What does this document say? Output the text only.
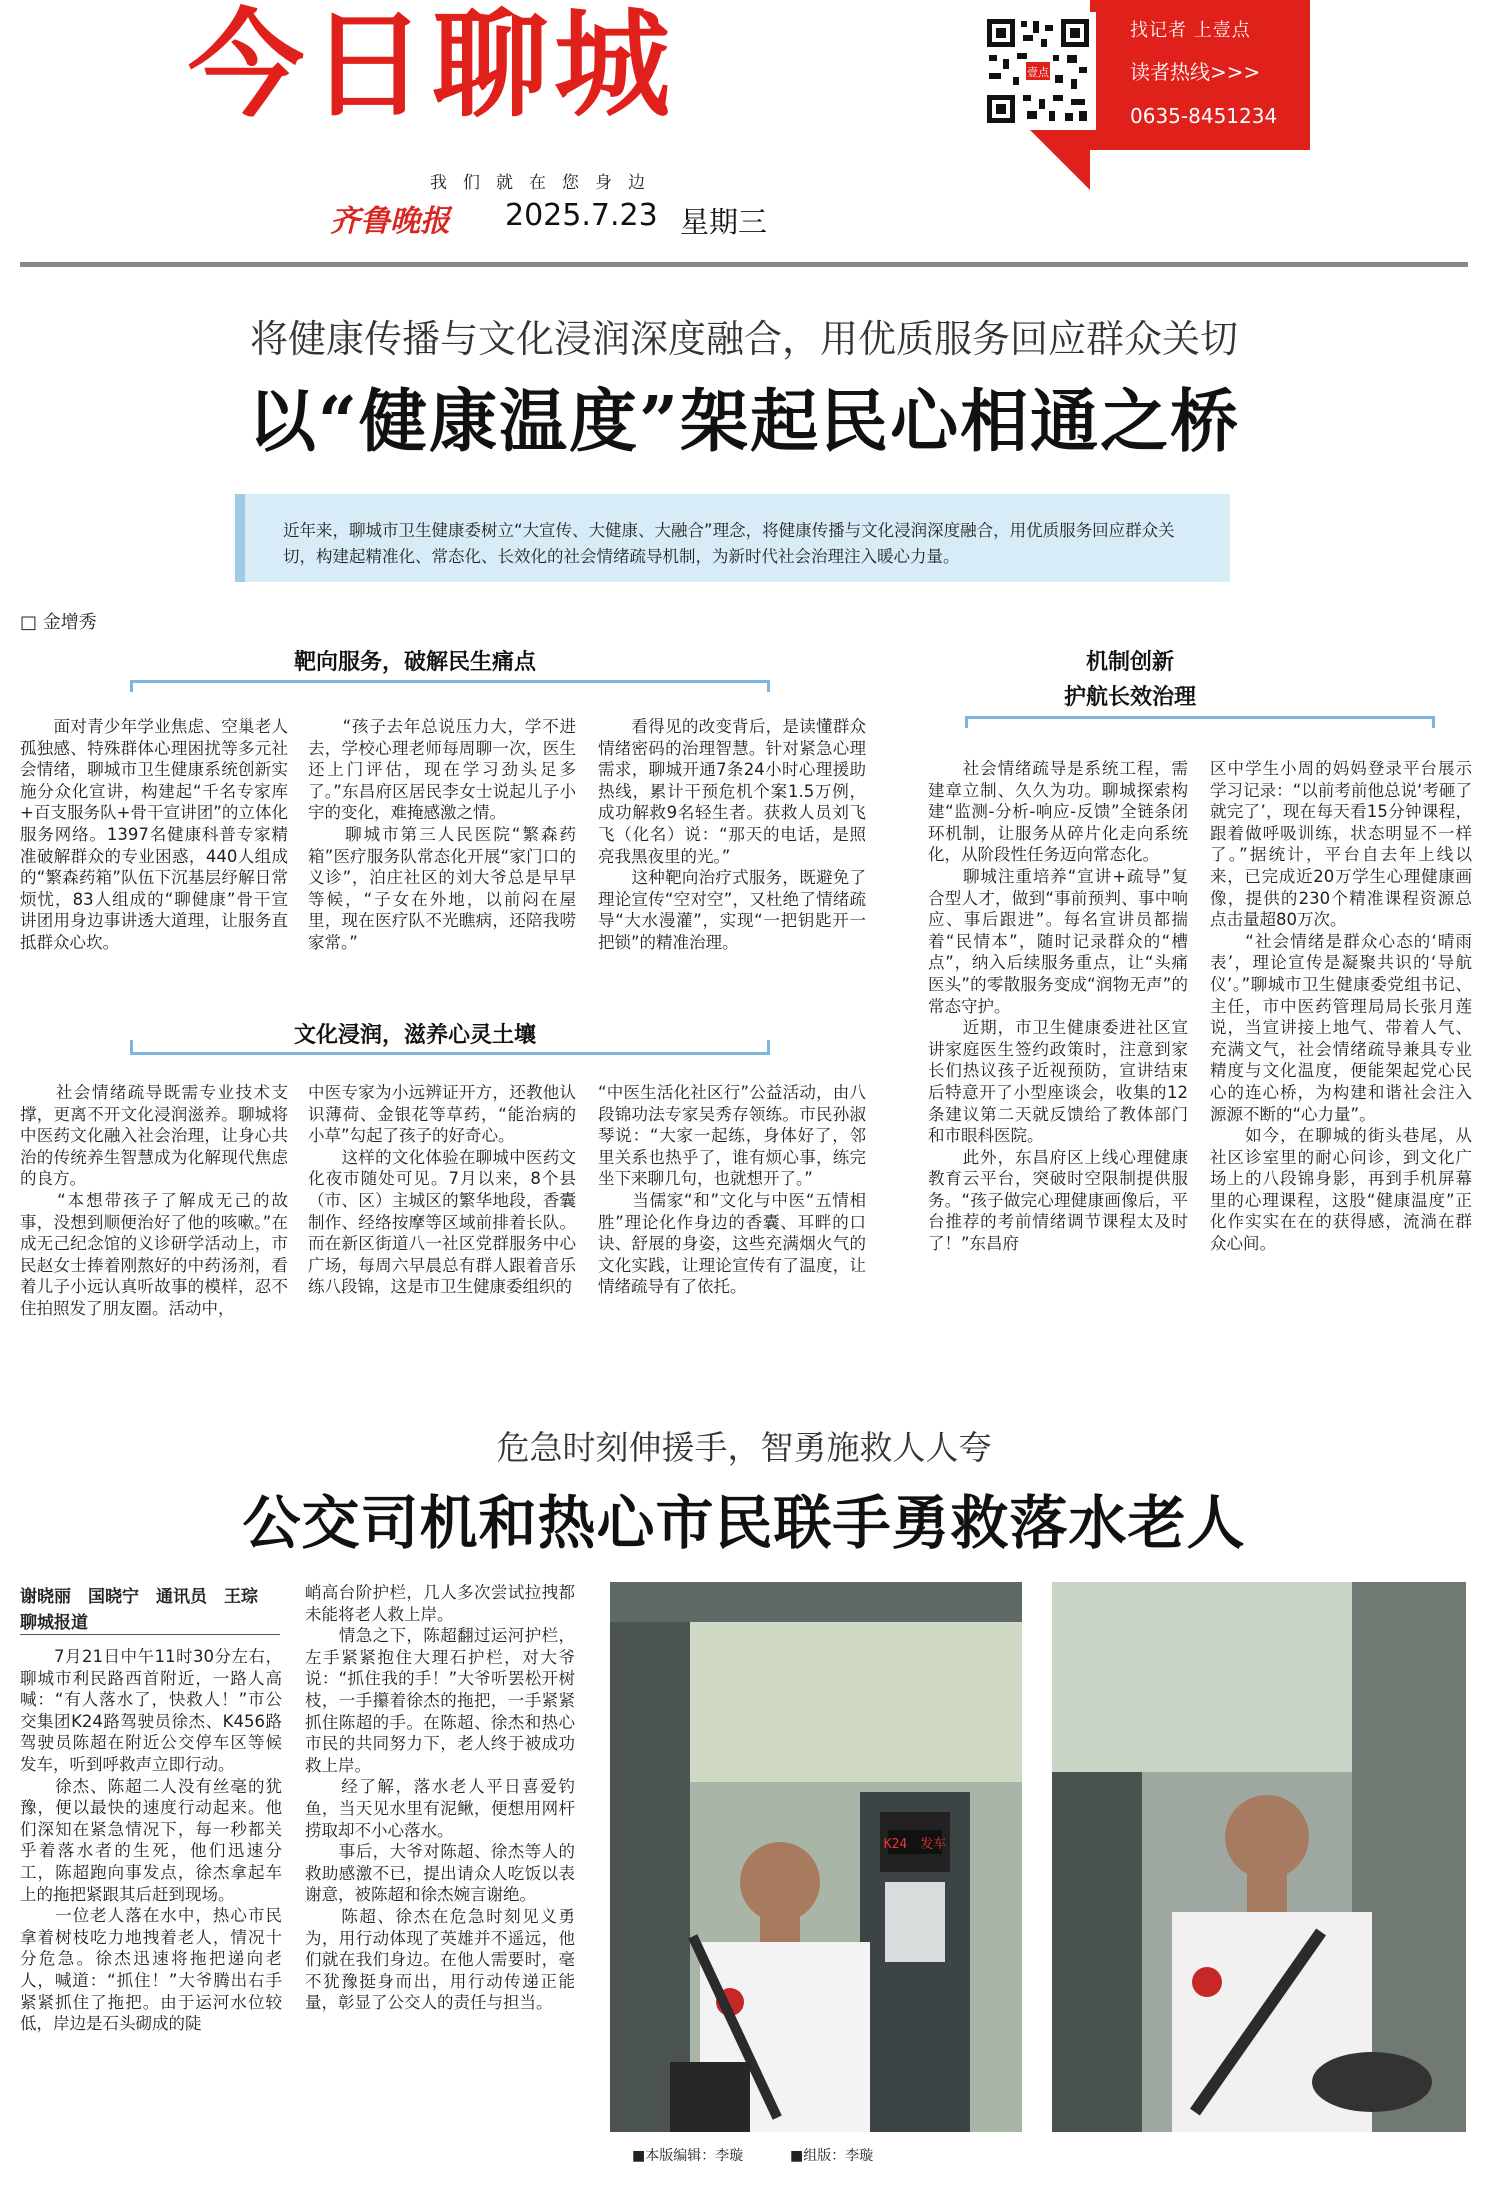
今日聊城
我们就在您身边
齐鲁晚报 2025.7.23 星期三
找记者 上壹点
读者热线>>>
0635-8451234
壹点
将健康传播与文化浸润深度融合，用优质服务回应群众关切
以“健康温度”架起民心相通之桥
近年来，聊城市卫生健康委树立“大宣传、大健康、大融合”理念，将健康传播与文化浸润深度融合，用优质服务回应群众关切，构建起精准化、常态化、长效化的社会情绪疏导机制，为新时代社会治理注入暖心力量。
□ 金增秀
靶向服务，破解民生痛点	机制创新
护航长效治理
　　面对青少年学业焦虑、空巢老人孤独感、特殊群体心理困扰等多元社会情绪，聊城市卫生健康系统创新实施分众化宣讲，构建起“千名专家库+百支服务队+骨干宣讲团”的立体化服务网络。1397名健康科普专家精准破解群众的专业困惑，440人组成的“繁森药箱”队伍下沉基层纾解日常烦忧，83人组成的“聊健康”骨干宣讲团用身边事讲透大道理，让服务直抵群众心坎。
　　“孩子去年总说压力大，学不进去，学校心理老师每周聊一次，医生还上门评估，现在学习劲头足多了。”东昌府区居民李女士说起儿子小宇的变化，难掩感激之情。
　　聊城市第三人民医院“繁森药箱”医疗服务队常态化开展“家门口的义诊”，泊庄社区的刘大爷总是早早等候，“子女在外地，以前闷在屋里，现在医疗队不光瞧病，还陪我唠家常。”
　　看得见的改变背后，是读懂群众情绪密码的治理智慧。针对紧急心理需求，聊城开通7条24小时心理援助热线，累计干预危机个案1.5万例，成功解救9名轻生者。获救人员刘飞飞（化名）说：“那天的电话，是照亮我黑夜里的光。”
　　这种靶向治疗式服务，既避免了理论宣传“空对空”，又杜绝了情绪疏导“大水漫灌”，实现“一把钥匙开一把锁”的精准治理。
文化浸润，滋养心灵土壤
　　社会情绪疏导既需专业技术支撑，更离不开文化浸润滋养。聊城将中医药文化融入社会治理，让身心共治的传统养生智慧成为化解现代焦虑的良方。
　　“本想带孩子了解成无己的故事，没想到顺便治好了他的咳嗽。”在成无己纪念馆的义诊研学活动上，市民赵女士捧着刚熬好的中药汤剂，看着儿子小远认真听故事的模样，忍不住拍照发了朋友圈。活动中，
中医专家为小远辨证开方，还教他认识薄荷、金银花等草药，“能治病的小草”勾起了孩子的好奇心。
　　这样的文化体验在聊城中医药文化夜市随处可见。7月以来，8个县（市、区）主城区的繁华地段，香囊制作、经络按摩等区域前排着长队。而在新区街道八一社区党群服务中心广场，每周六早晨总有群人跟着音乐练八段锦，这是市卫生健康委组织的
“中医生活化社区行”公益活动，由八段锦功法专家吴秀存领练。市民孙淑琴说：“大家一起练，身体好了，邻里关系也热乎了，谁有烦心事，练完坐下来聊几句，也就想开了。”
　　当儒家“和”文化与中医“五情相胜”理论化作身边的香囊、耳畔的口诀、舒展的身姿，这些充满烟火气的文化实践，让理论宣传有了温度，让情绪疏导有了依托。
　　社会情绪疏导是系统工程，需建章立制、久久为功。聊城探索构建“监测-分析-响应-反馈”全链条闭环机制，让服务从碎片化走向系统化，从阶段性任务迈向常态化。
　　聊城注重培养“宣讲+疏导”复合型人才，做到“事前预判、事中响应、事后跟进”。每名宣讲员都揣着“民情本”，随时记录群众的“槽点”，纳入后续服务重点，让“头痛医头”的零散服务变成“润物无声”的常态守护。
　　近期，市卫生健康委进社区宣讲家庭医生签约政策时，注意到家长们热议孩子近视预防，宣讲结束后特意开了小型座谈会，收集的12条建议第二天就反馈给了教体部门和市眼科医院。
　　此外，东昌府区上线心理健康教育云平台，突破时空限制提供服务。“孩子做完心理健康画像后，平台推荐的考前情绪调节课程太及时了！”东昌府
区中学生小周的妈妈登录平台展示学习记录：“以前考前他总说‘考砸了就完了’，现在每天看15分钟课程，跟着做呼吸训练，状态明显不一样了。”据统计，平台自去年上线以来，已完成近20万学生心理健康画像，提供的230个精准课程资源总点击量超80万次。
　　“社会情绪是群众心态的‘晴雨表’，理论宣传是凝聚共识的‘导航仪’。”聊城市卫生健康委党组书记、主任，市中医药管理局局长张月莲说，当宣讲接上地气、带着人气、充满文气，社会情绪疏导兼具专业精度与文化温度，便能架起党心民心的连心桥，为构建和谐社会注入源源不断的“心力量”。
　　如今，在聊城的街头巷尾，从社区诊室里的耐心问诊，到文化广场上的八段锦身影，再到手机屏幕里的心理课程，这股“健康温度”正化作实实在在的获得感，流淌在群众心间。
危急时刻伸援手，智勇施救人人夸
公交司机和热心市民联手勇救落水老人
谢晓丽　国晓宁　通讯员　王琮
聊城报道
　　7月21日中午11时30分左右，聊城市利民路西首附近，一路人高喊：“有人落水了，快救人！”市公交集团K24路驾驶员徐杰、K456路驾驶员陈超在附近公交停车区等候发车，听到呼救声立即行动。
　　徐杰、陈超二人没有丝毫的犹豫，便以最快的速度行动起来。他们深知在紧急情况下，每一秒都关乎着落水者的生死，他们迅速分工，陈超跑向事发点，徐杰拿起车上的拖把紧跟其后赶到现场。
　　一位老人落在水中，热心市民拿着树枝吃力地拽着老人，情况十分危急。徐杰迅速将拖把递向老人，喊道：“抓住！”大爷腾出右手紧紧抓住了拖把。由于运河水位较低，岸边是石头砌成的陡
峭高台阶护栏，几人多次尝试拉拽都未能将老人救上岸。
　　情急之下，陈超翻过运河护栏，左手紧紧抱住大理石护栏，对大爷说：“抓住我的手！”大爷听罢松开树枝，一手攥着徐杰的拖把，一手紧紧抓住陈超的手。在陈超、徐杰和热心市民的共同努力下，老人终于被成功救上岸。
　　经了解，落水老人平日喜爱钓鱼，当天见水里有泥鳅，便想用网杆捞取却不小心落水。
　　事后，大爷对陈超、徐杰等人的救助感激不已，提出请众人吃饭以表谢意，被陈超和徐杰婉言谢绝。
　　陈超、徐杰在危急时刻见义勇为，用行动体现了英雄并不遥远，他们就在我们身边。在他人需要时，毫不犹豫挺身而出，用行动传递正能量，彰显了公交人的责任与担当。
K24　发车
■本版编辑：李璇	■组版：李璇
